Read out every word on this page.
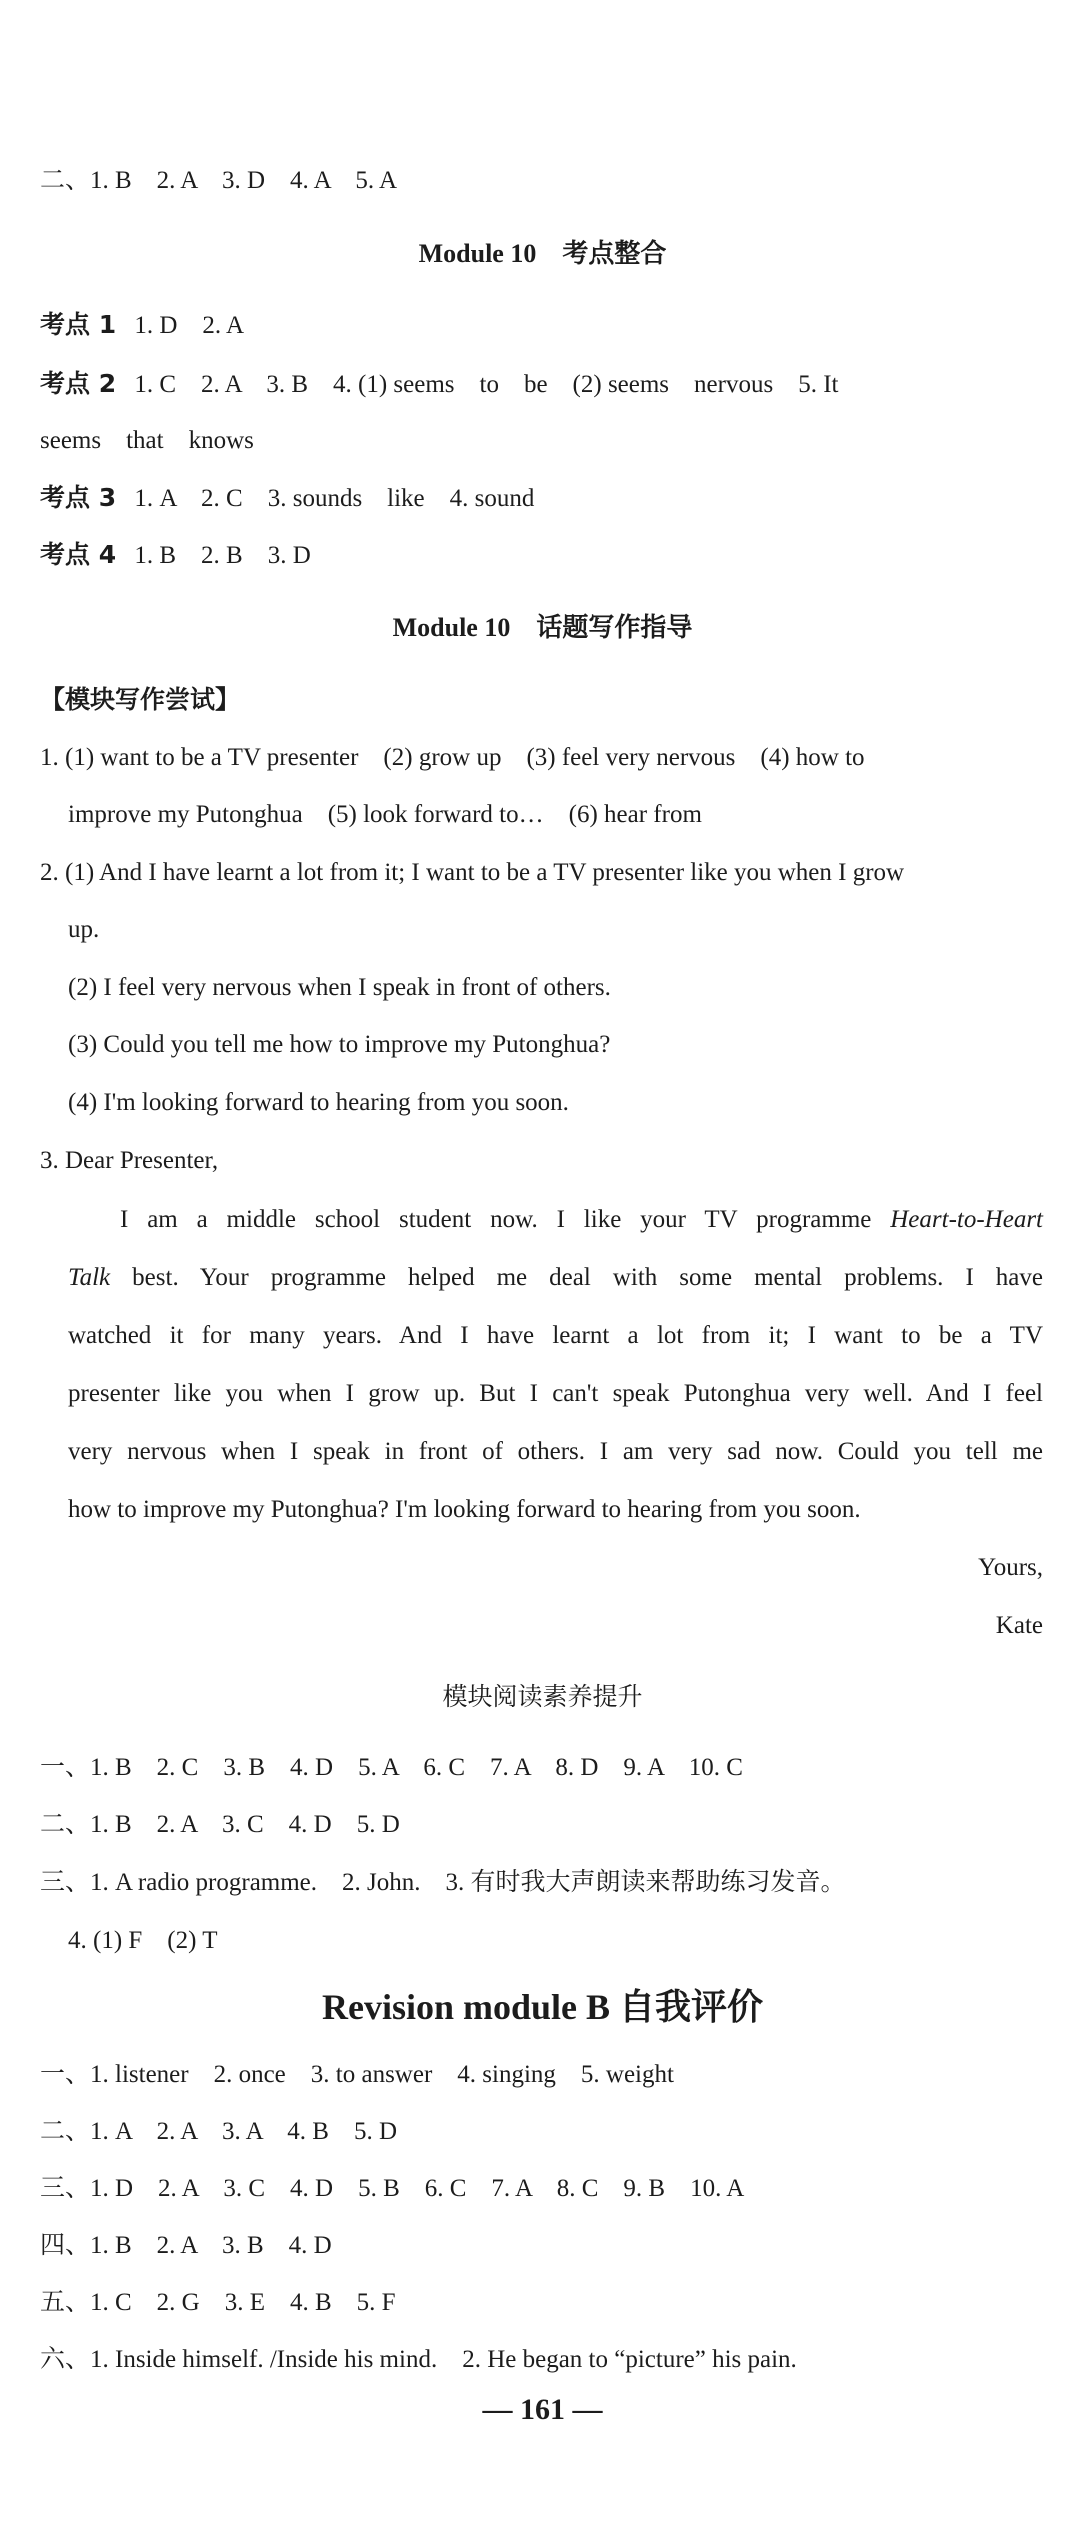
二、1. B　2. A　3. D　4. A　5. A
Module 10　考点整合
考点 1 1. D　2. A
考点 2 1. C　2. A　3. B　4. (1) seems　to　be　(2) seems　nervous　5. It
seems　that　knows
考点 3 1. A　2. C　3. sounds　like　4. sound
考点 4 1. B　2. B　3. D
Module 10　话题写作指导
【模块写作尝试】
1. (1) want to be a TV presenter　(2) grow up　(3) feel very nervous　(4) how to
improve my Putonghua　(5) look forward to…　(6) hear from
2. (1) And I have learnt a lot from it; I want to be a TV presenter like you when I grow
up.
(2) I feel very nervous when I speak in front of others.
(3) Could you tell me how to improve my Putonghua?
(4) I'm looking forward to hearing from you soon.
3. Dear Presenter,
I am a middle school student now. I like your TV programme Heart-to-Heart
Talk best. Your programme helped me deal with some mental problems. I have
watched it for many years. And I have learnt a lot from it; I want to be a TV
presenter like you when I grow up. But I can't speak Putonghua very well. And I feel
very nervous when I speak in front of others. I am very sad now. Could you tell me
how to improve my Putonghua? I'm looking forward to hearing from you soon.
Yours,
Kate
模块阅读素养提升
一、1. B　2. C　3. B　4. D　5. A　6. C　7. A　8. D　9. A　10. C
二、1. B　2. A　3. C　4. D　5. D
三、1. A radio programme.　2. John.　3. 有时我大声朗读来帮助练习发音。
4. (1) F　(2) T
Revision module B 自我评价
一、1. listener　2. once　3. to answer　4. singing　5. weight
二、1. A　2. A　3. A　4. B　5. D
三、1. D　2. A　3. C　4. D　5. B　6. C　7. A　8. C　9. B　10. A
四、1. B　2. A　3. B　4. D
五、1. C　2. G　3. E　4. B　5. F
六、1. Inside himself. /Inside his mind.　2. He began to “picture” his pain.
— 161 —
